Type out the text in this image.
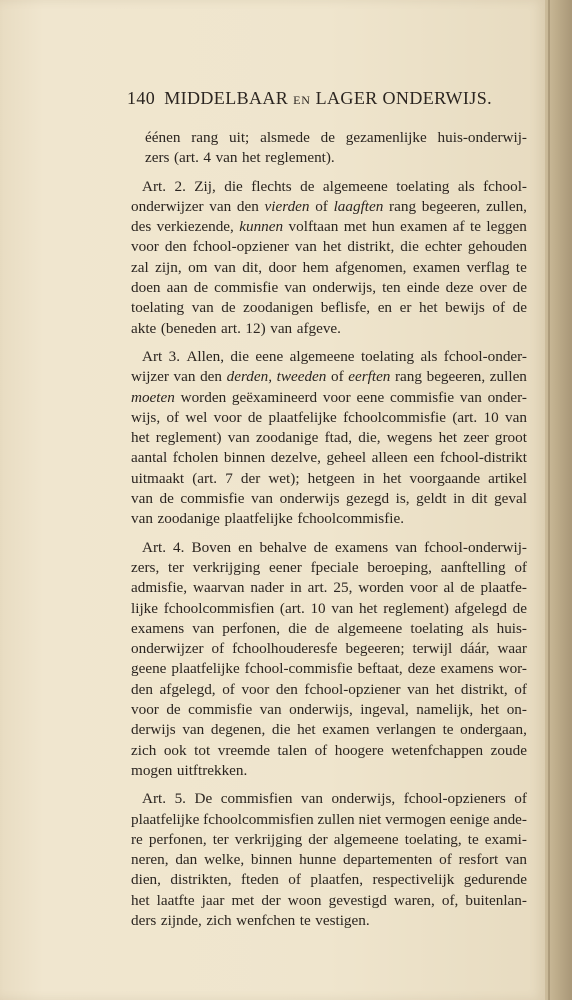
140 MIDDELBAAR EN LAGER ONDERWIJS.
éénen rang uit; alsmede de gezamenlijke huis-onderwij-
zers (art. 4 van het reglement).
Art. 2. Zij, die flechts de algemeene toelating als fchool-
onderwijzer van den vierden of laagften rang begeeren, zullen,
des verkiezende, kunnen volftaan met hun examen af te leggen
voor den fchool-opziener van het distrikt, die echter gehouden
zal zijn, om van dit, door hem afgenomen, examen verflag te
doen aan de commisfie van onderwijs, ten einde deze over de
toelating van de zoodanigen beflisfe, en er het bewijs of de
akte (beneden art. 12) van afgeve.
Art 3. Allen, die eene algemeene toelating als fchool-onder-
wijzer van den derden, tweeden of eerften rang begeeren, zullen
moeten worden geëxamineerd voor eene commisfie van onder-
wijs, of wel voor de plaatfelijke fchoolcommisfie (art. 10 van
het reglement) van zoodanige ftad, die, wegens het zeer groot
aantal fcholen binnen dezelve, geheel alleen een fchool-distrikt
uitmaakt (art. 7 der wet); hetgeen in het voorgaande artikel
van de commisfie van onderwijs gezegd is, geldt in dit geval
van zoodanige plaatfelijke fchoolcommisfie.
Art. 4. Boven en behalve de examens van fchool-onderwij-
zers, ter verkrijging eener fpeciale beroeping, aanftelling of
admisfie, waarvan nader in art. 25, worden voor al de plaatfe-
lijke fchoolcommisfien (art. 10 van het reglement) afgelegd de
examens van perfonen, die de algemeene toelating als huis-
onderwijzer of fchoolhouderesfe begeeren; terwijl dáár, waar
geene plaatfelijke fchool-commisfie beftaat, deze examens wor-
den afgelegd, of voor den fchool-opziener van het distrikt, of
voor de commisfie van onderwijs, ingeval, namelijk, het on-
derwijs van degenen, die het examen verlangen te ondergaan,
zich ook tot vreemde talen of hoogere wetenfchappen zoude
mogen uitftrekken.
Art. 5. De commisfien van onderwijs, fchool-opzieners of
plaatfelijke fchoolcommisfien zullen niet vermogen eenige ande-
re perfonen, ter verkrijging der algemeene toelating, te exami-
neren, dan welke, binnen hunne departementen of resfort van
dien, distrikten, fteden of plaatfen, respectivelijk gedurende
het laatfte jaar met der woon gevestigd waren, of, buitenlan-
ders zijnde, zich wenfchen te vestigen.
